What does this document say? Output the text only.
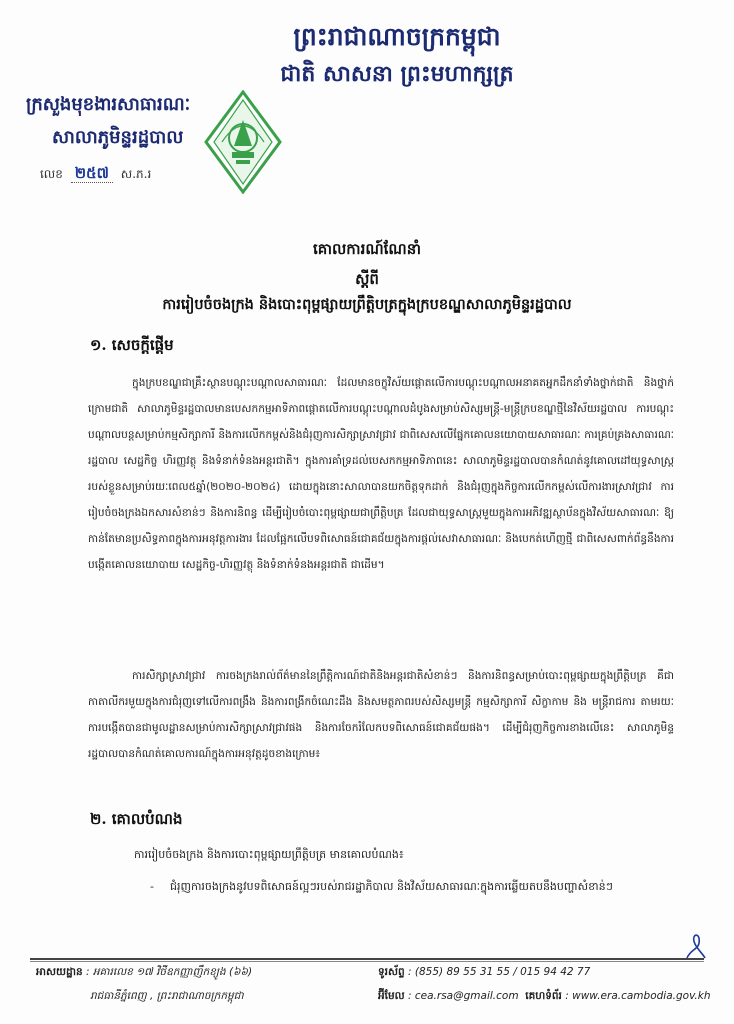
ព្រះរាជាណាចក្រកម្ពុជា
ជាតិ សាសនា ព្រះមហាក្សត្រ
ក្រសួងមុខងារសាធារណៈ
សាលាភូមិន្ទរដ្ឋបាល
លេខ ២៥៧ ស.ភ.រ
គោលការណ៍ណែនាំ
ស្តីពី
ការរៀបចំចងក្រង និងបោះពុម្ពផ្សាយព្រឹត្តិបត្រក្នុងក្របខណ្ឌសាលាភូមិន្ទរដ្ឋបាល
១. សេចក្តីផ្តើម
ក្នុងក្របខណ្ឌជាគ្រឹះស្ថានបណ្តុះបណ្តាលសាធារណៈ ដែលមានចក្ខុវិស័យផ្តោតលើការបណ្តុះបណ្តាលអនាគតអ្នកដឹកនាំទាំងថ្នាក់ជាតិ និងថ្នាក់ក្រោមជាតិ សាលាភូមិន្ទរដ្ឋបាលមានបេសកកម្មអាទិភាពផ្តោតលើការបណ្តុះបណ្តាលដំបូងសម្រាប់សិស្សមន្ត្រី-មន្ត្រីក្របខណ្ឌថ្មីនៃវិស័យរដ្ឋបាល ការបណ្តុះបណ្តាលបន្តសម្រាប់កម្មសិក្សាការី និងការលើកកម្ពស់និងជំរុញការសិក្សាស្រាវជ្រាវ ជាពិសេសលើផ្នែកគោលនយោបាយសាធារណៈ ការគ្រប់គ្រងសាធារណៈ រដ្ឋបាល សេដ្ឋកិច្ច ហិរញ្ញវត្ថុ និងទំនាក់ទំនងអន្តរជាតិ។ ក្នុងការគាំទ្រដល់បេសកកម្មអាទិភាពនេះ សាលាភូមិន្ទរដ្ឋបាលបានកំណត់នូវគោលដៅយុទ្ធសាស្ត្ររបស់ខ្លួនសម្រាប់រយៈពេល៥ឆ្នាំ(២០២០-២០២៤) ដោយក្នុងនោះសាលាបានយកចិត្តទុកដាក់ និងជំរុញក្នុងកិច្ចការលើកកម្ពស់លើការងារស្រាវជ្រាវ ការរៀបចំចងក្រងឯកសារសំខាន់ៗ និងការនិពន្ធ ដើម្បីរៀបចំបោះពុម្ពផ្សាយជាព្រឹត្តិបត្រ ដែលជាយុទ្ធសាស្ត្រមួយក្នុងការអភិវឌ្ឍស្ថាប័នក្នុងវិស័យសាធារណៈ ឱ្យកាន់តែមានប្រសិទ្ធភាពក្នុងការអនុវត្តការងារ ដែលផ្អែកលើបទពិសោធន៍ជោគជ័យក្នុងការផ្តល់សេវាសាធារណៈ និងបេកត់ហើញថ្មី ជាពិសេសពាក់ព័ន្ធនឹងការបង្កើតគោលនយោបាយ សេដ្ឋកិច្ច-ហិរញ្ញវត្ថុ និងទំនាក់ទំនងអន្តរជាតិ ជាដើម។
ការសិក្សាស្រាវជ្រាវ ការចងក្រងរាល់ព័ត៌មាននៃព្រឹត្តិការណ៍ជាតិនិងអន្តរជាតិសំខាន់ៗ និងការនិពន្ធសម្រាប់បោះពុម្ពផ្សាយក្នុងព្រឹត្តិបត្រ គឺជាកាតាលីករមួយក្នុងការជំរុញទៅលើការពង្រឹង និងការពង្រីកចំណេះដឹង និងសមត្ថភាពរបស់សិស្សមន្ត្រី កម្មសិក្សាការី សិក្ខាកាម និង មន្ត្រីរាជការ តាមរយៈការបង្កើតបានជាមូលដ្ឋានសម្រាប់ការសិក្សាស្រាវជ្រាវផង និងការចែករំលែកបទពិសោធន៍ជោគជ័យផង។ ដើម្បីជំរុញកិច្ចការខាងលើនេះ សាលាភូមិន្ទរដ្ឋបាលបានកំណត់គោលការណ៍ក្នុងការអនុវត្តដូចខាងក្រោម៖
២. គោលបំណង
ការរៀបចំចងក្រង និងការបោះពុម្ពផ្សាយព្រឹត្តិបត្រ មានគោលបំណង៖
- ជំរុញការចងក្រងនូវបទពិសោធន៍ល្អៗរបស់រាជរដ្ឋាភិបាល និងវិស័យសាធារណៈក្នុងការឆ្លើយតបនឹងបញ្ហាសំខាន់ៗ
អាសយដ្ឋាន : អគារលេខ ១៧ វិថីឧកញ្ញាញឹកខ្យូង (៦៦)
រាជធានីភ្នំពេញ , ព្រះរាជាណាចក្រកម្ពុជា
ទូរស័ព្ទ : (855) 89 55 31 55 / 015 94 42 77
អ៊ីមែល : cea.rsa@gmail.com គេហទំព័រ : www.era.cambodia.gov.kh
